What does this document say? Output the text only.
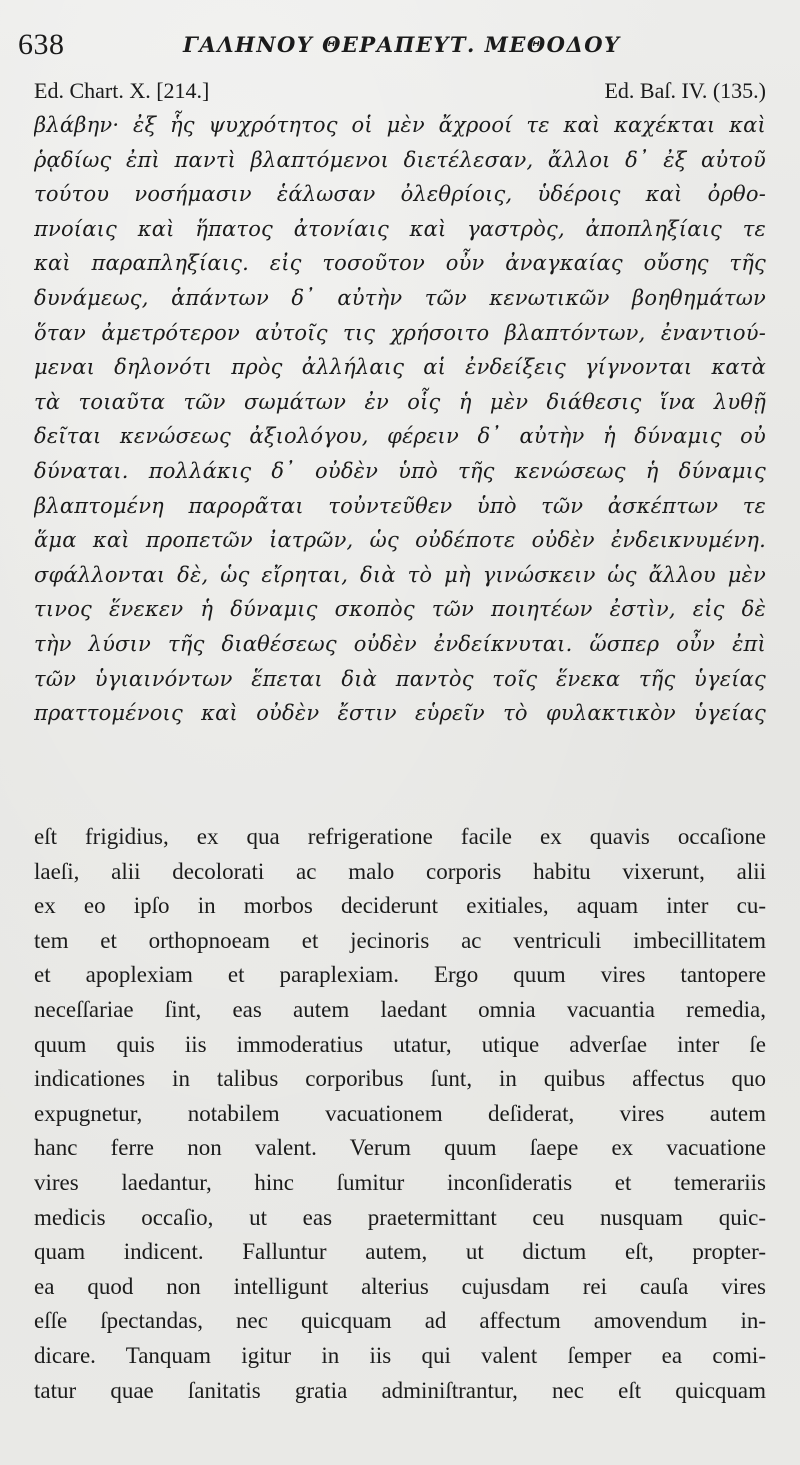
638	ΓΑΛΗΝΟΥ ΘΕΡΑΠΕΥΤ. ΜΕΘΟΔΟΥ
Ed. Chart. X. [214.]	Ed. Baſ. IV. (135.)
βλάβην· ἐξ ἧς ψυχρότητος οἱ μὲν ἄχροοί τε καὶ καχέκται καὶ
ῥᾳδίως ἐπὶ παντὶ βλαπτόμενοι διετέλεσαν, ἄλλοι δ᾽ ἐξ αὐτοῦ
τούτου νοσήμασιν ἑάλωσαν ὀλεθρίοις, ὑδέροις καὶ ὀρθο-
πνοίαις καὶ ἥπατος ἀτονίαις καὶ γαστρὸς, ἀποπληξίαις τε
καὶ παραπληξίαις. εἰς τοσοῦτον οὖν ἀναγκαίας οὔσης τῆς
δυνάμεως, ἁπάντων δ᾽ αὐτὴν τῶν κενωτικῶν βοηθημάτων
ὅταν ἀμετρότερον αὐτοῖς τις χρήσοιτο βλαπτόντων, ἐναντιού-
μεναι δηλονότι πρὸς ἀλλήλαις αἱ ἐνδείξεις γίγνονται κατὰ
τὰ τοιαῦτα τῶν σωμάτων ἐν οἷς ἡ μὲν διάθεσις ἵνα λυθῇ
δεῖται κενώσεως ἀξιολόγου, φέρειν δ᾽ αὐτὴν ἡ δύναμις οὐ
δύναται. πολλάκις δ᾽ οὐδὲν ὑπὸ τῆς κενώσεως ἡ δύναμις
βλαπτομένη παρορᾶται τοὐντεῦθεν ὑπὸ τῶν ἀσκέπτων τε
ἅμα καὶ προπετῶν ἰατρῶν, ὡς οὐδέποτε οὐδὲν ἐνδεικνυμένη.
σφάλλονται δὲ, ὡς εἴρηται, διὰ τὸ μὴ γινώσκειν ὡς ἄλλου μὲν
τινος ἕνεκεν ἡ δύναμις σκοπὸς τῶν ποιητέων ἐστὶν, εἰς δὲ
τὴν λύσιν τῆς διαθέσεως οὐδὲν ἐνδείκνυται. ὥσπερ οὖν ἐπὶ
τῶν ὑγιαινόντων ἕπεται διὰ παντὸς τοῖς ἕνεκα τῆς ὑγείας
πραττομένοις καὶ οὐδὲν ἔστιν εὑρεῖν τὸ φυλακτικὸν ὑγείας
eſt frigidius, ex qua refrigeratione facile ex quavis occaſione
laeſi, alii decolorati ac malo corporis habitu vixerunt, alii
ex eo ipſo in morbos deciderunt exitiales, aquam inter cu-
tem et orthopnoeam et jecinoris ac ventriculi imbecillitatem
et apoplexiam et paraplexiam. Ergo quum vires tantopere
neceſſariae ſint, eas autem laedant omnia vacuantia remedia,
quum quis iis immoderatius utatur, utique adverſae inter ſe
indicationes in talibus corporibus ſunt, in quibus affectus quo
expugnetur, notabilem vacuationem deſiderat, vires autem
hanc ferre non valent. Verum quum ſaepe ex vacuatione
vires laedantur, hinc ſumitur inconſideratis et temerariis
medicis occaſio, ut eas praetermittant ceu nusquam quic-
quam indicent. Falluntur autem, ut dictum eſt, propter-
ea quod non intelligunt alterius cujusdam rei cauſa vires
eſſe ſpectandas, nec quicquam ad affectum amovendum in-
dicare. Tanquam igitur in iis qui valent ſemper ea comi-
tatur quae ſanitatis gratia adminiſtrantur, nec eſt quicquam
